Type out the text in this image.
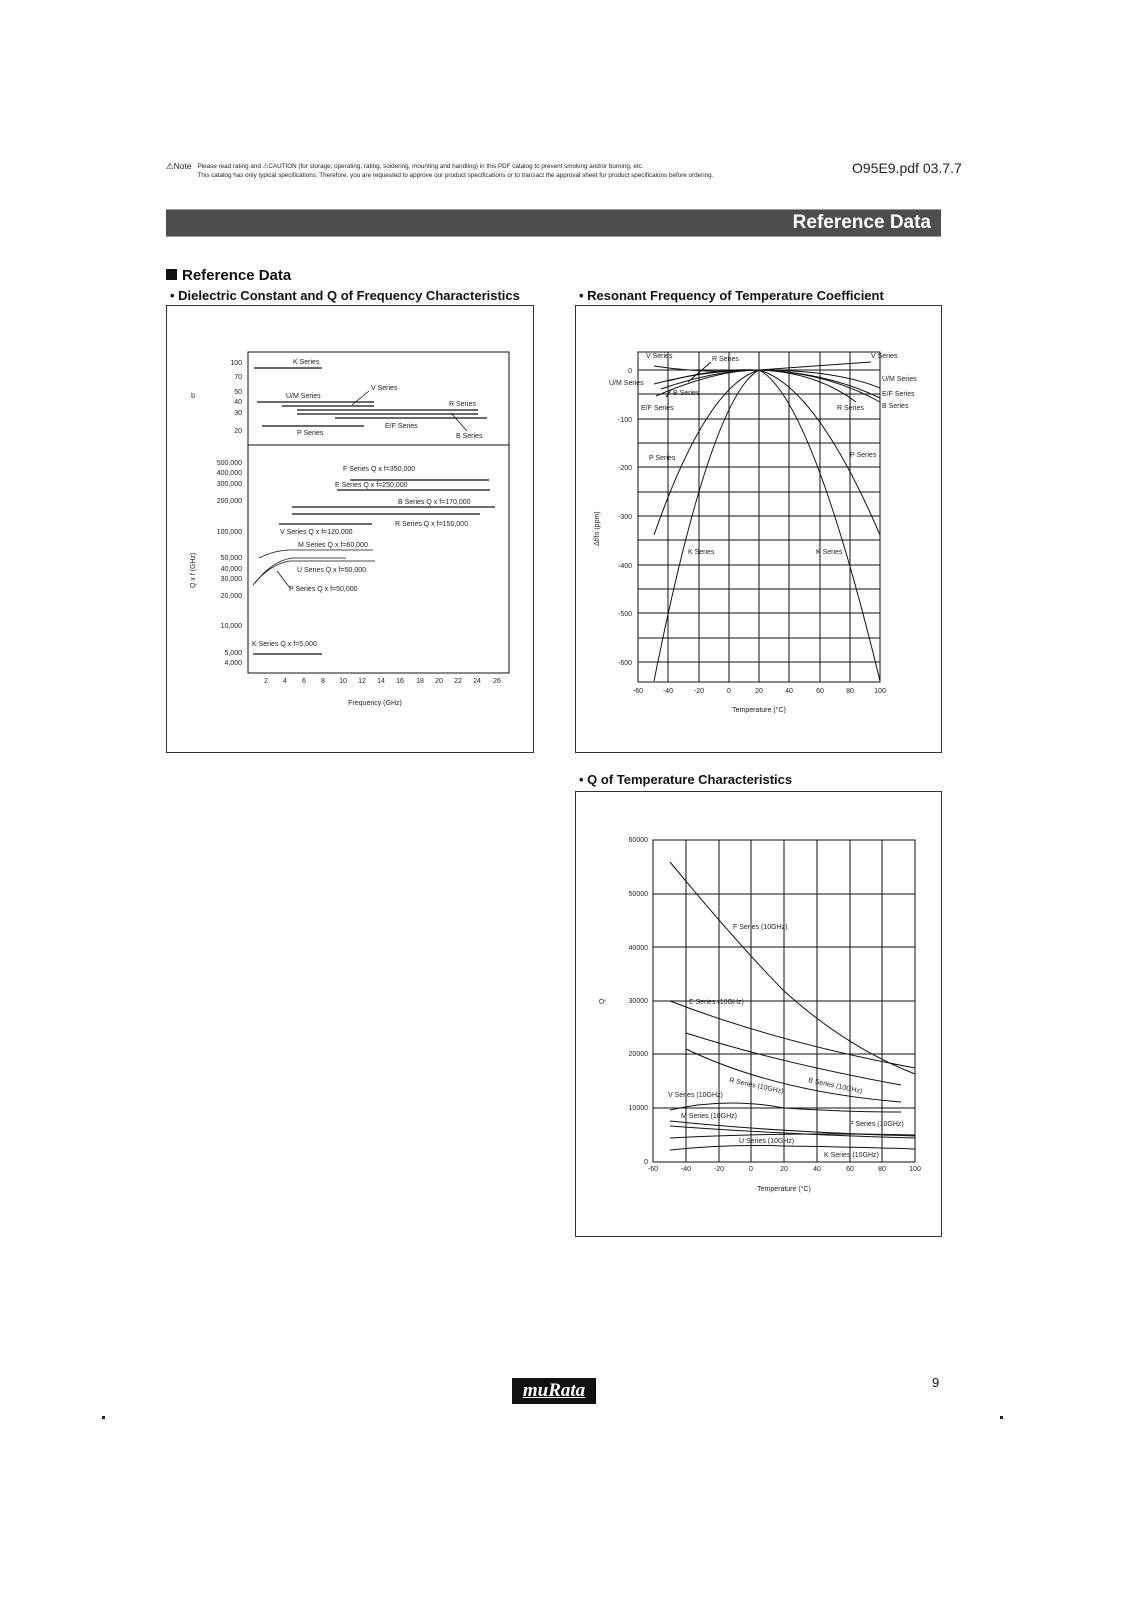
⚠Note Please read rating and ⚠CAUTION (for storage, operating, rating, soldering, mounting and handling) in this PDF catalog to prevent smoking and/or burning, etc.
This catalog has only typical specifications. Therefore, you are requested to approve our product specifications or to transact the approval sheet for product specificaions before ordering.	O95E9.pdf 03.7.7
Reference Data
Reference Data
• Dielectric Constant and Q of Frequency Characteristics	• Resonant Frequency of Temperature Coefficient
• Q of Temperature Characteristics
100
70
50
40
30
20
500,000
400,000
300,000
200,000
100,000
50,000
40,000
30,000
20,000
10,000
5,000
4,000
εr
Q x f (GHz)
2 4 6 8 10 12 14 16 18 20 22 24 26
Frequency (GHz)
K Series
U/M Series
V Series
R Series
E/F Series
P Series	B Series
F Series Q x f=350,000
E Series Q x f=250,000
B Series Q x f=170,000
R Series Q x f=150,000
V Series Q x f=120,000
M Series Q x f=60,000
U Series Q x f=50,000
P Series Q x f=50,000
K Series Q x f=5,000
0
-100
-200
-300
-400
-500
-600
-60	-40	-20	0	20	40	60	80	100
Temperature (°C)
Δf/fo (ppm)
V Series	R Series	V Series
U/M Series
B Series
E/F Series	R Series
U/M Series
E/F Series
B Series
P Series	P Series
K Series	K Series
60000
50000
40000
30000
20000
10000
0
-60	-40	-20	0	20	40	60	80	100
Temperature (°C)
Q
F Series (10GHz)
E Series (10GHz)
B Series (10GHz)
R Series (10GHz)
V Series (10GHz)
M Series (10GHz)
P Series (10GHz)
U Series (10GHz)
K Series (10GHz)
muRata	9
